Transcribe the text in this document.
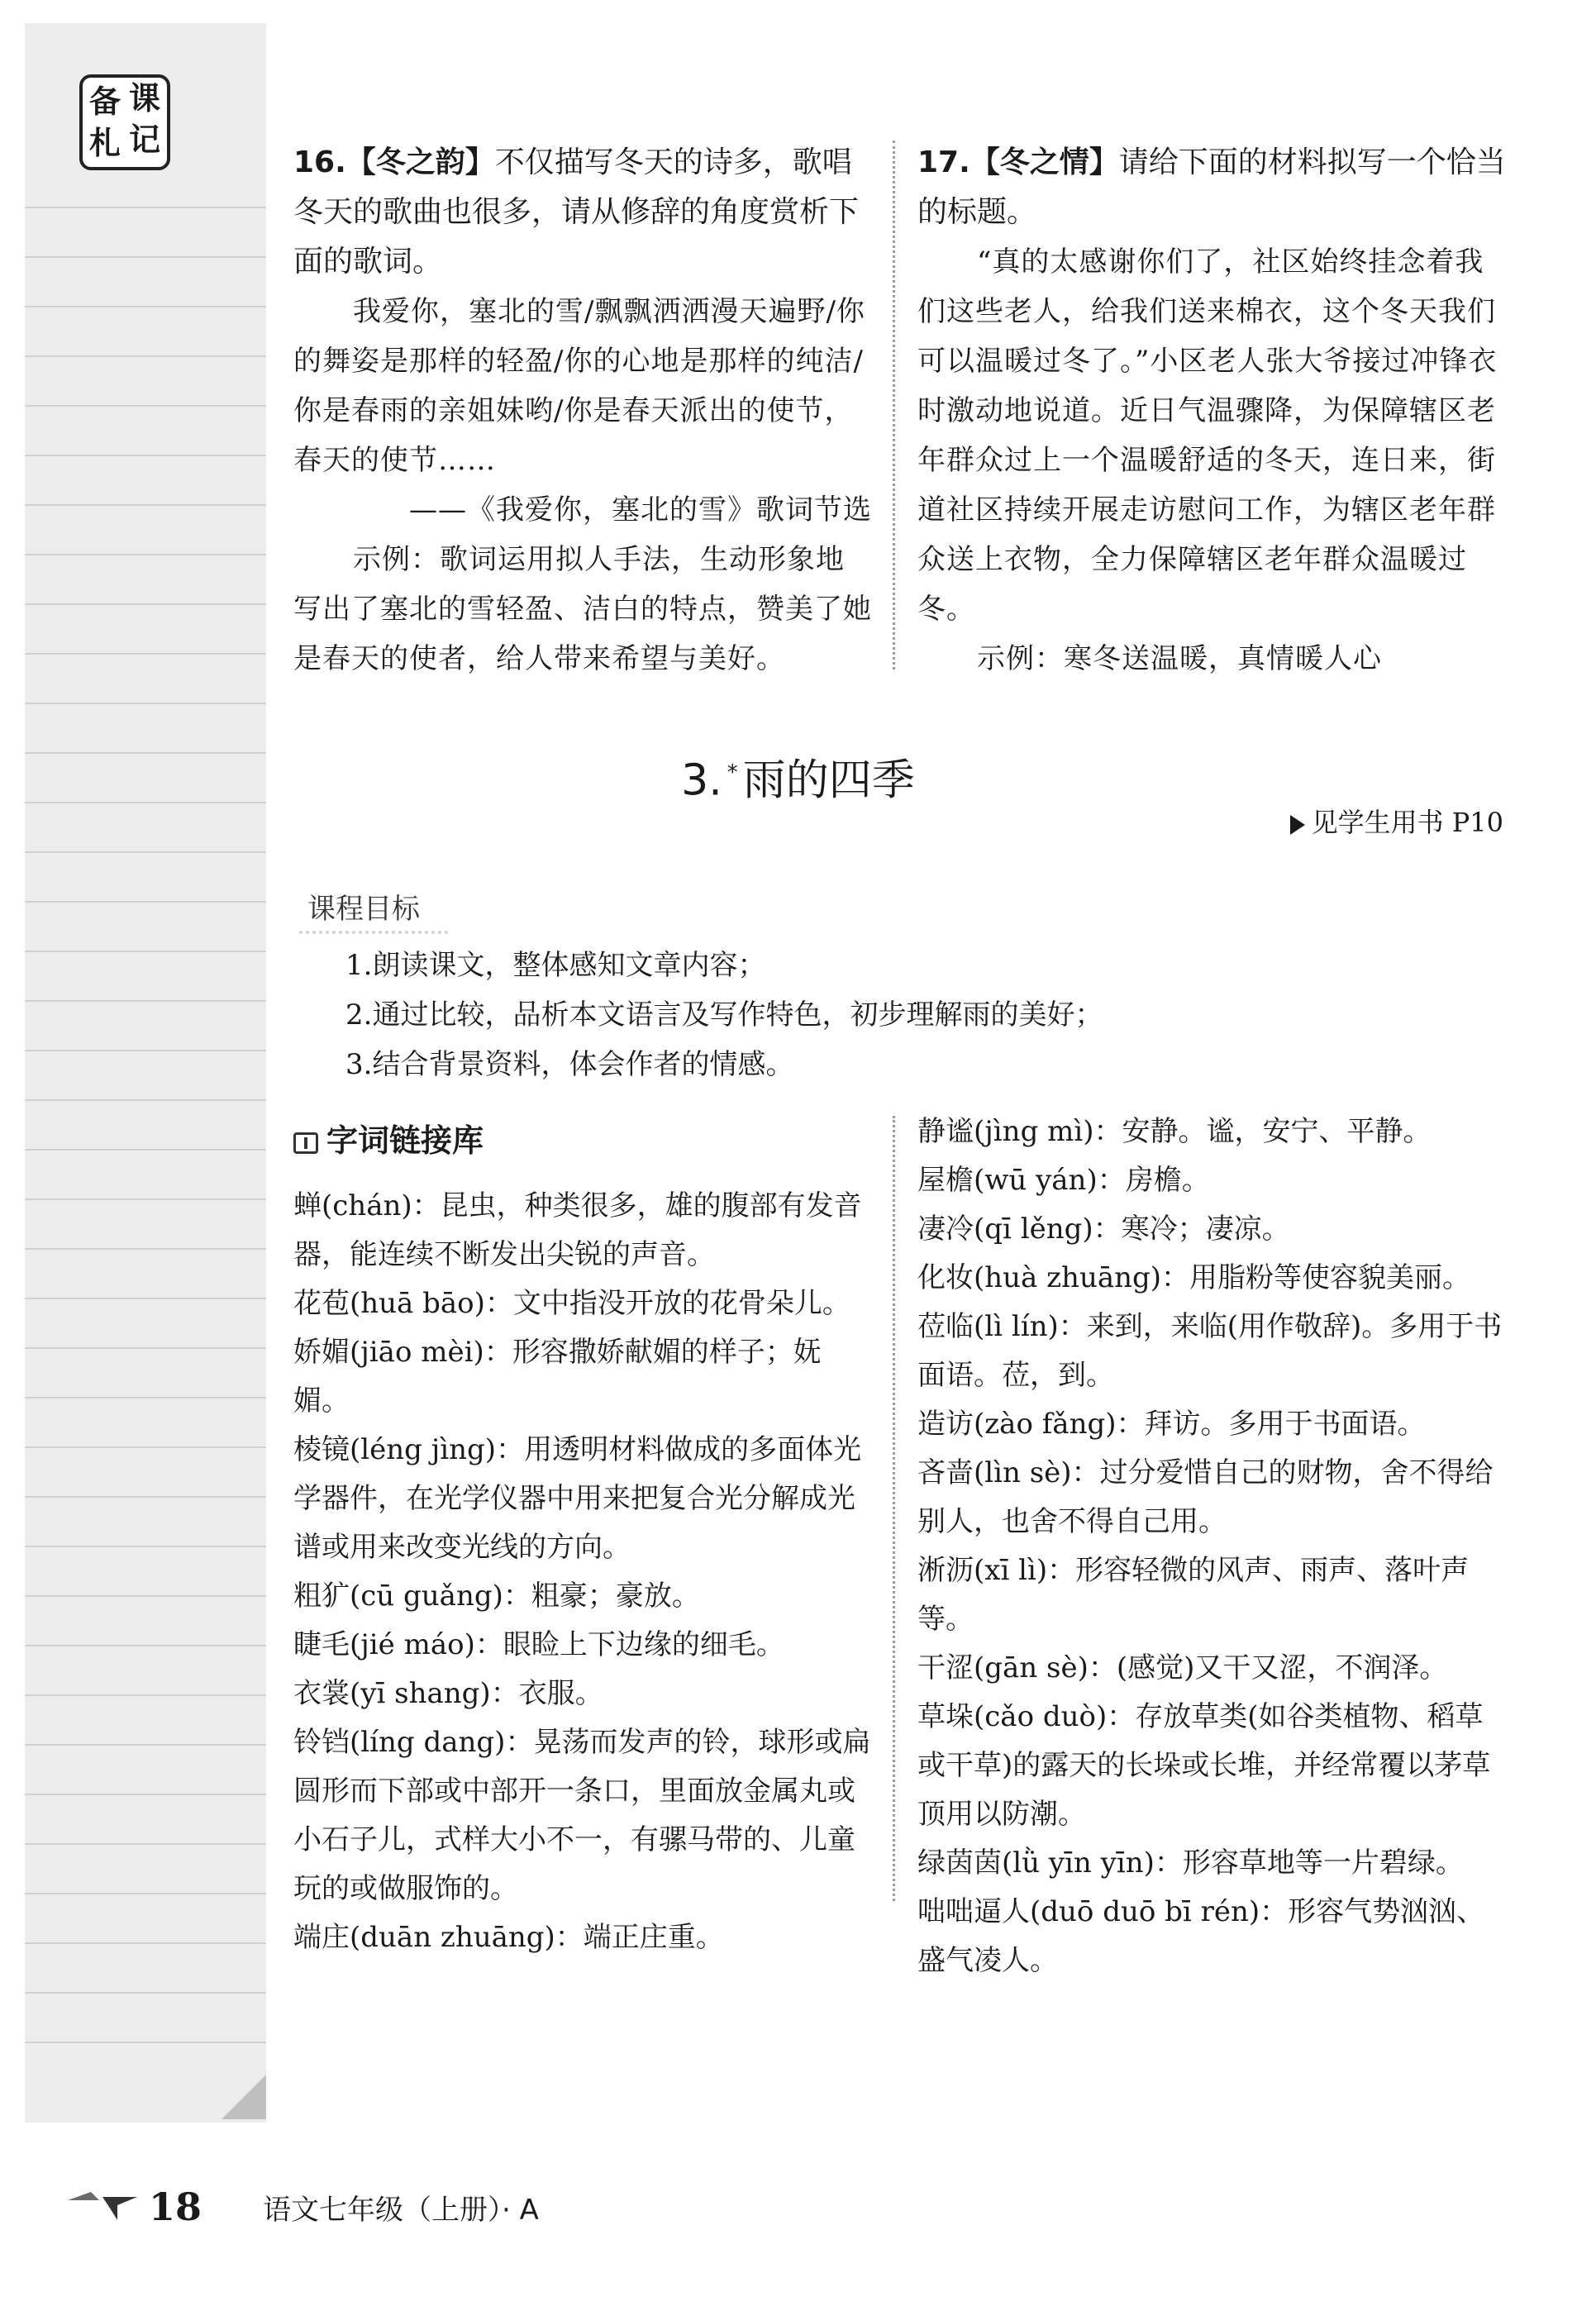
备 课
札 记

16.【冬之韵】不仅描写冬天的诗多，歌唱冬天的歌曲也很多，请从修辞的角度赏析下面的歌词。

我爱你，塞北的雪/飘飘洒洒漫天遍野/你的舞姿是那样的轻盈/你的心地是那样的纯洁/你是春雨的亲姐妹哟/你是春天派出的使节，春天的使节……

——《我爱你，塞北的雪》歌词节选

示例：歌词运用拟人手法，生动形象地写出了塞北的雪轻盈、洁白的特点，赞美了她是春天的使者，给人带来希望与美好。

17.【冬之情】请给下面的材料拟写一个恰当的标题。

“真的太感谢你们了，社区始终挂念着我们这些老人，给我们送来棉衣，这个冬天我们可以温暖过冬了。”小区老人张大爷接过冲锋衣时激动地说道。近日气温骤降，为保障辖区老年群众过上一个温暖舒适的冬天，连日来，街道社区持续开展走访慰问工作，为辖区老年群众送上衣物，全力保障辖区老年群众温暖过冬。

示例：寒冬送温暖，真情暖人心

3. * 雨的四季
见学生用书 P10
课程目标

1.朗读课文，整体感知文章内容；

2.通过比较，品析本文语言及写作特色，初步理解雨的美好；

3.结合背景资料，体会作者的情感。

字词链接库

蝉(chán)：昆虫，种类很多，雄的腹部有发音器，能连续不断发出尖锐的声音。

花苞(huā bāo)：文中指没开放的花骨朵儿。

娇媚(jiāo mèi)：形容撒娇献媚的样子；妩媚。

棱镜(léng jìng)：用透明材料做成的多面体光学器件，在光学仪器中用来把复合光分解成光谱或用来改变光线的方向。

粗犷(cū guǎng)：粗豪；豪放。

睫毛(jié máo)：眼睑上下边缘的细毛。

衣裳(yī shang)：衣服。

铃铛(líng dang)：晃荡而发声的铃，球形或扁圆形而下部或中部开一条口，里面放金属丸或小石子儿，式样大小不一，有骡马带的、儿童玩的或做服饰的。

端庄(duān zhuāng)：端正庄重。

静谧(jìng mì)：安静。谧，安宁、平静。

屋檐(wū yán)：房檐。

凄冷(qī lěng)：寒冷；凄凉。

化妆(huà zhuāng)：用脂粉等使容貌美丽。

莅临(lì lín)：来到，来临(用作敬辞)。多用于书面语。莅，到。

造访(zào fǎng)：拜访。多用于书面语。

吝啬(lìn sè)：过分爱惜自己的财物，舍不得给别人，也舍不得自己用。

淅沥(xī lì)：形容轻微的风声、雨声、落叶声等。

干涩(gān sè)：(感觉)又干又涩，不润泽。

草垛(cǎo duò)：存放草类(如谷类植物、稻草或干草)的露天的长垛或长堆，并经常覆以茅草顶用以防潮。

绿茵茵(lǜ yīn yīn)：形容草地等一片碧绿。

咄咄逼人(duō duō bī rén)：形容气势汹汹、盛气凌人。

18 语文七年级（上册）· A
